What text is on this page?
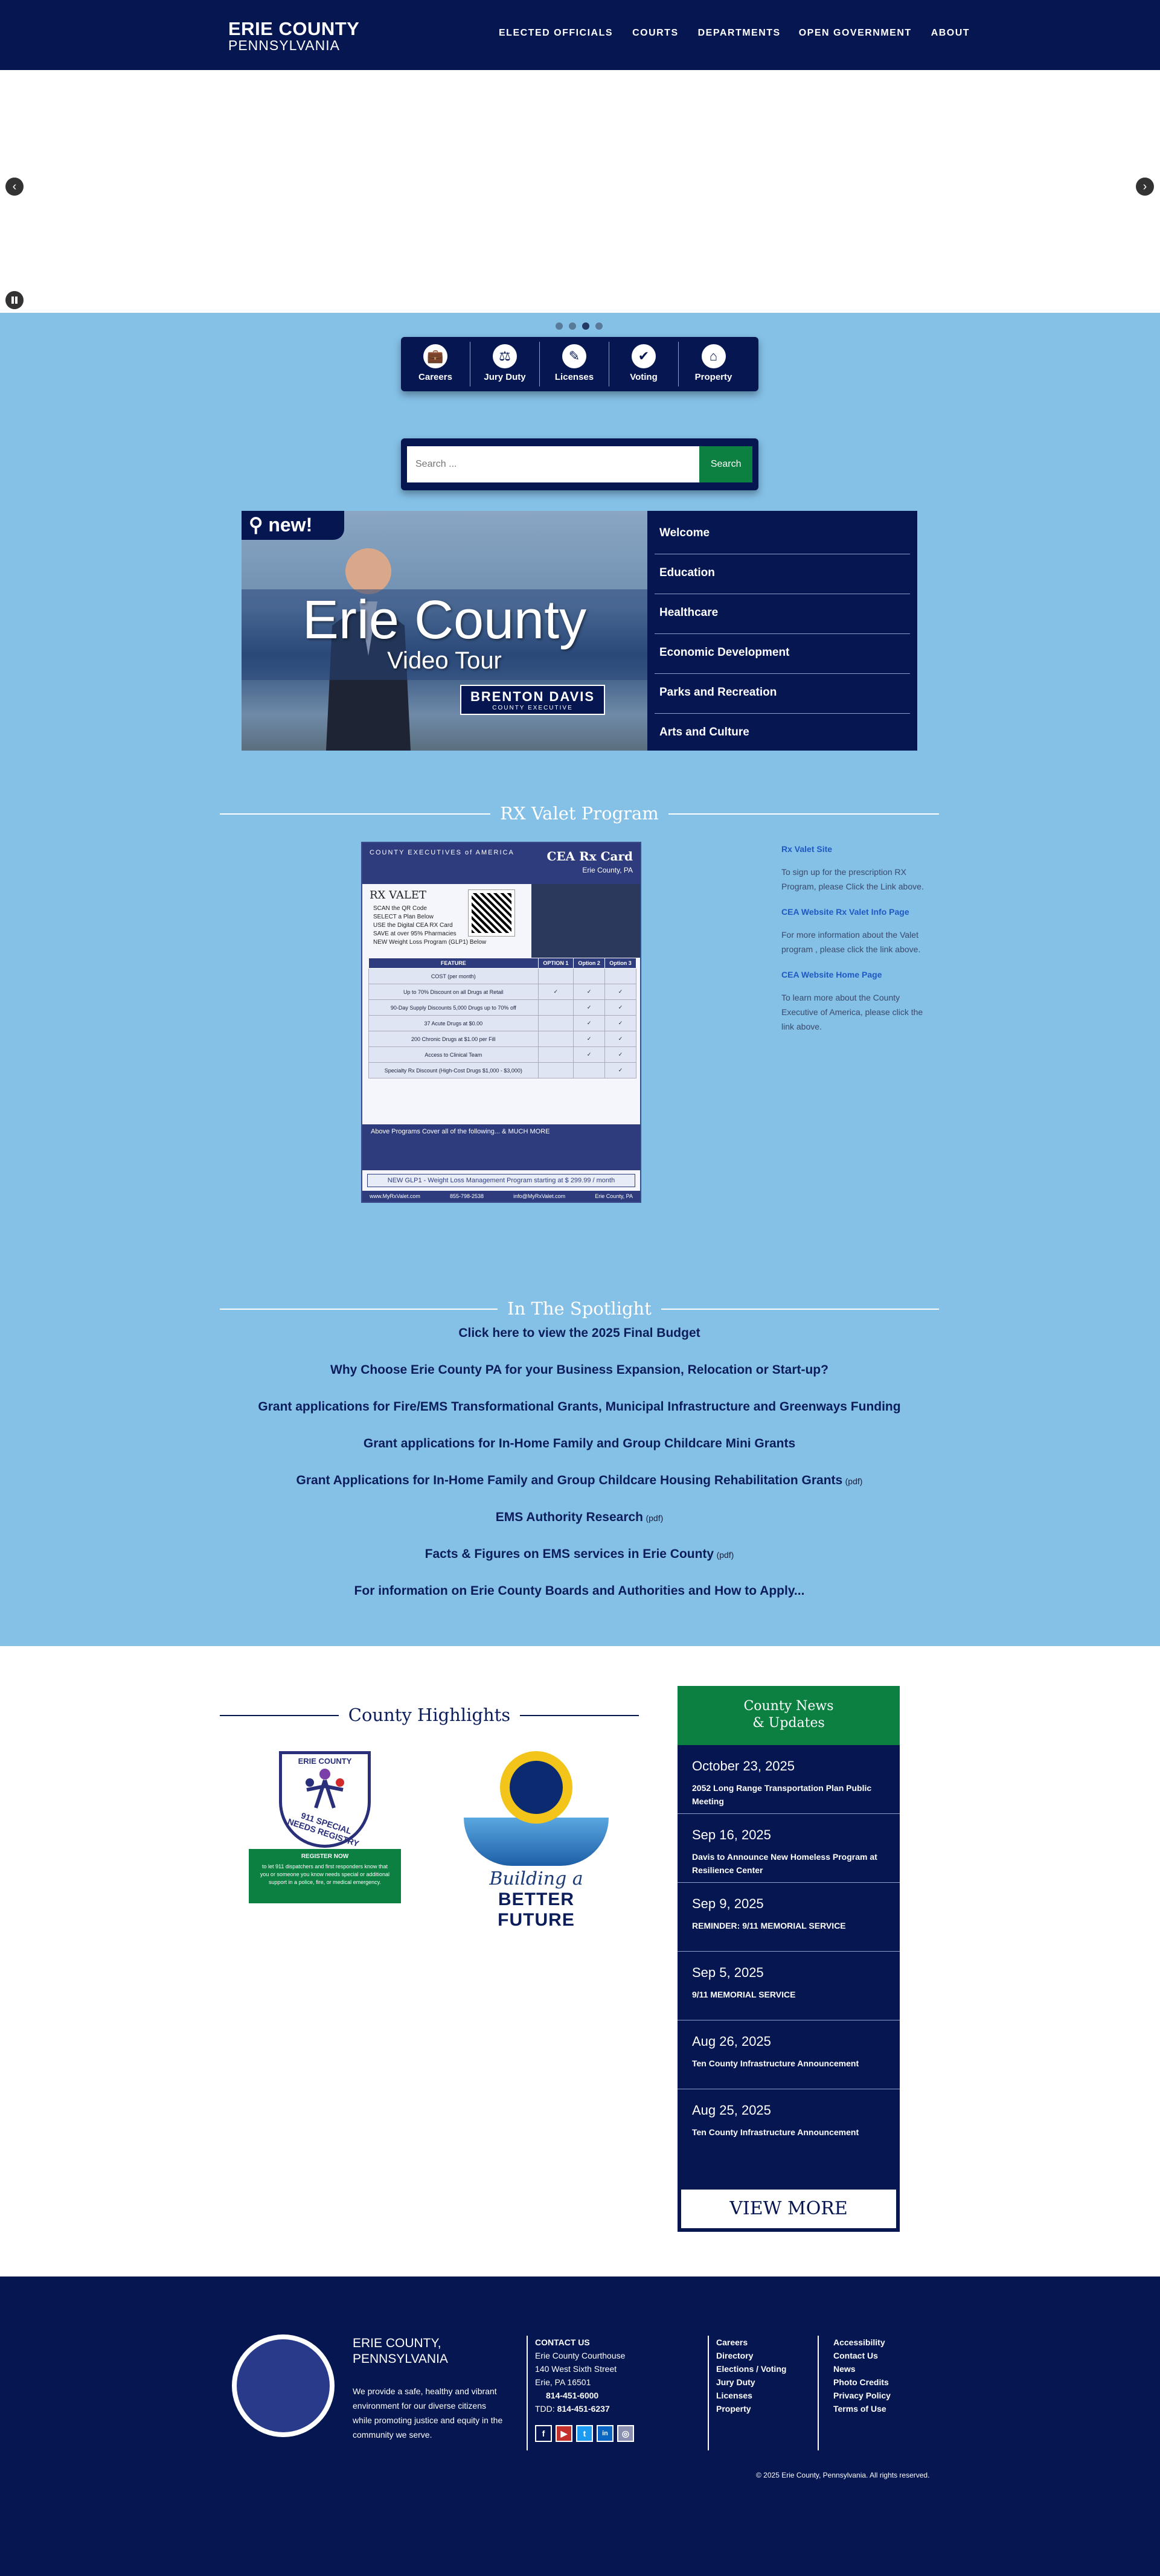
ERIE COUNTY
PENNSYLVANIA
ELECTED OFFICIALS COURTS DEPARTMENTS OPEN GOVERNMENT ABOUT
‹	›
💼
Careers
⚖
Jury Duty
✎
Licenses
✔
Voting
⌂
Property
Search ...
Search
⚲ new!
Erie County
Video Tour
BRENTON DAVIS
COUNTY EXECUTIVE
Welcome
Education
Healthcare
Economic Development
Parks and Recreation
Arts and Culture
RX Valet Program
COUNTY EXECUTIVES of AMERICA	CEA Rx Card
Erie County, PA
RX VALET
SCAN the QR Code
SELECT a Plan Below
USE the Digital CEA RX Card
SAVE at over 95% Pharmacies
NEW Weight Loss Program (GLP1) Below
FEATURE	OPTION 1	Option 2	Option 3
COST (per month)			
Up to 70% Discount on all Drugs at Retail	✓	✓	✓
90-Day Supply Discounts 5,000 Drugs up to 70% off		✓	✓
37 Acute Drugs at $0.00		✓	✓
200 Chronic Drugs at $1.00 per Fill		✓	✓
Access to Clinical Team		✓	✓
Specialty Rx Discount (High-Cost Drugs $1,000 - $3,000)			✓
Above Programs Cover all of the following... & MUCH MORE
NEW GLP1 - Weight Loss Management Program starting at $ 299.99 / month
www.MyRxValet.com	855-798-2538	info@MyRxValet.com	Erie County, PA
Rx Valet Site

To sign up for the prescription RX Program, please Click the Link above.

CEA Website Rx Valet Info Page

For more information about the Valet program , please click the link above.

CEA Website Home Page

To learn more about the County Executive of America, please click the link above.

In The Spotlight
Click here to view the 2025 Final Budget
Why Choose Erie County PA for your Business Expansion, Relocation or Start-up?
Grant applications for Fire/EMS Transformational Grants, Municipal Infrastructure and Greenways Funding
Grant applications for In-Home Family and Group Childcare Mini Grants
Grant Applications for In-Home Family and Group Childcare Housing Rehabilitation Grants (pdf)
EMS Authority Research (pdf)
Facts & Figures on EMS services in Erie County (pdf)
For information on Erie County Boards and Authorities and How to Apply...
County Highlights
ERIE COUNTY
911 SPECIAL NEEDS REGISTRY
REGISTER NOW
to let 911 dispatchers and first responders know that you or someone you know needs special or additional support in a police, fire, or medical emergency.	Building a
BETTER FUTURE
County News
& Updates
October 23, 2025
2052 Long Range Transportation Plan Public Meeting
Sep 16, 2025
Davis to Announce New Homeless Program at Resilience Center
Sep 9, 2025
REMINDER: 9/11 MEMORIAL SERVICE
Sep 5, 2025
9/11 MEMORIAL SERVICE
Aug 26, 2025
Ten County Infrastructure Announcement
Aug 25, 2025
Ten County Infrastructure Announcement
VIEW MORE
ERIE COUNTY,
PENNSYLVANIA
We provide a safe, healthy and vibrant environment for our diverse citizens while promoting justice and equity in the community we serve.
CONTACT US
Erie County Courthouse
140 West Sixth Street
Erie, PA 16501
814-451-6000
TDD: 814-451-6237
f	▶	t	in	◎
Careers
Directory
Elections / Voting
Jury Duty
Licenses
Property
Accessibility
Contact Us
News
Photo Credits
Privacy Policy
Terms of Use
© 2025 Erie County, Pennsylvania. All rights reserved.
